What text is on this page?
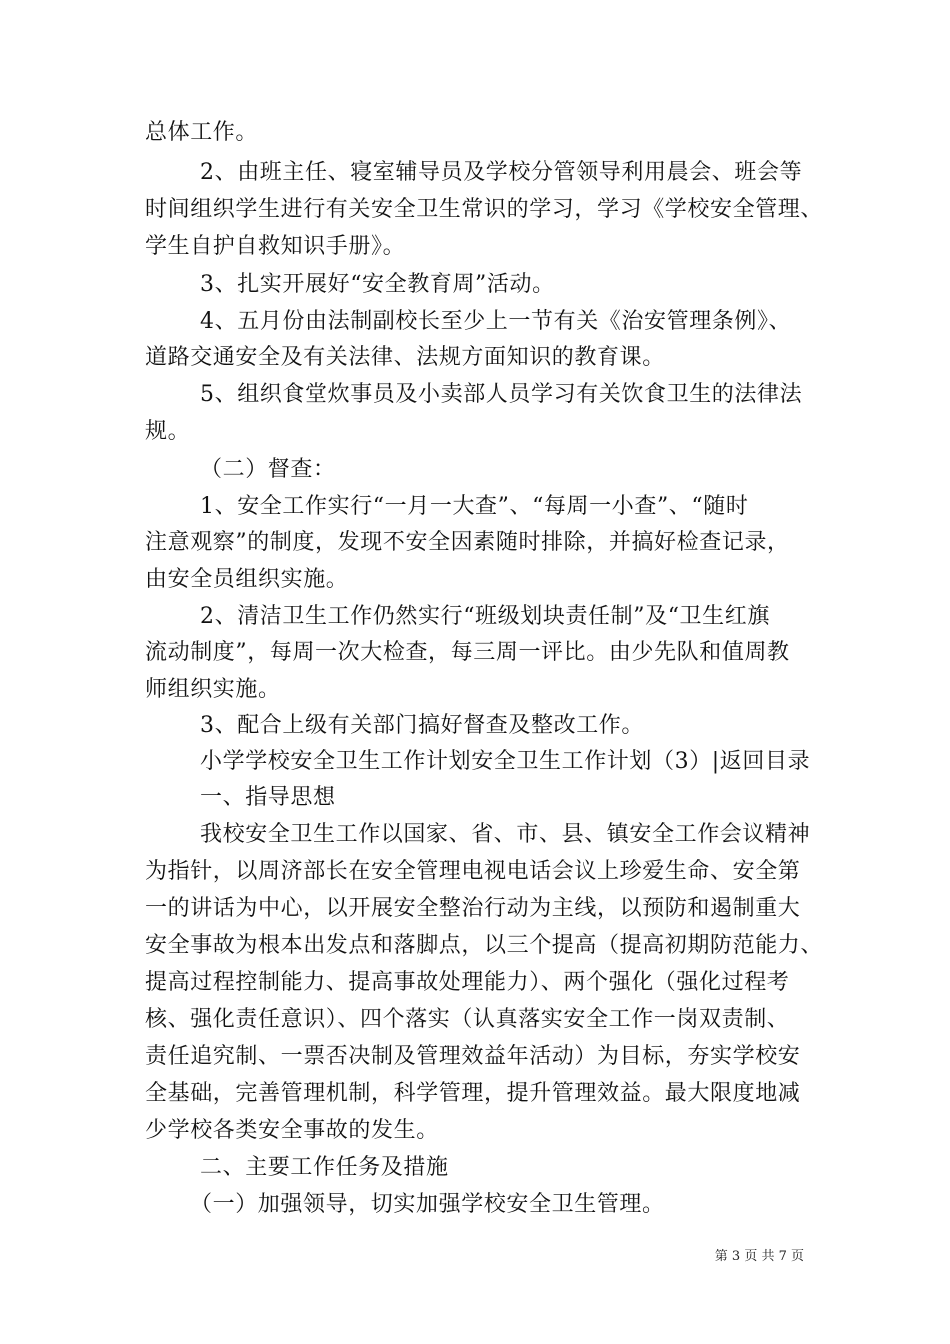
总体工作。
2、由班主任、寝室辅导员及学校分管领导利用晨会、班会等
时间组织学生进行有关安全卫生常识的学习，学习《学校安全管理、
学生自护自救知识手册》。
3、扎实开展好“安全教育周”活动。
4、五月份由法制副校长至少上一节有关《治安管理条例》、
道路交通安全及有关法律、法规方面知识的教育课。
5、组织食堂炊事员及小卖部人员学习有关饮食卫生的法律法
规。
（二）督查：
1、安全工作实行“一月一大查”、“每周一小查”、“随时
注意观察”的制度，发现不安全因素随时排除，并搞好检查记录，
由安全员组织实施。
2、清洁卫生工作仍然实行“班级划块责任制”及“卫生红旗
流动制度”，每周一次大检查，每三周一评比。由少先队和值周教
师组织实施。
3、配合上级有关部门搞好督查及整改工作。
小学学校安全卫生工作计划安全卫生工作计划（3）|返回目录
一、指导思想
我校安全卫生工作以国家、省、市、县、镇安全工作会议精神
为指针，以周济部长在安全管理电视电话会议上珍爱生命、安全第
一的讲话为中心，以开展安全整治行动为主线，以预防和遏制重大
安全事故为根本出发点和落脚点，以三个提高（提高初期防范能力、
提高过程控制能力、提高事故处理能力）、两个强化（强化过程考
核、强化责任意识）、四个落实（认真落实安全工作一岗双责制、
责任追究制、一票否决制及管理效益年活动）为目标，夯实学校安
全基础，完善管理机制，科学管理，提升管理效益。最大限度地减
少学校各类安全事故的发生。
二、主要工作任务及措施
（一）加强领导，切实加强学校安全卫生管理。
第 3 页 共 7 页
